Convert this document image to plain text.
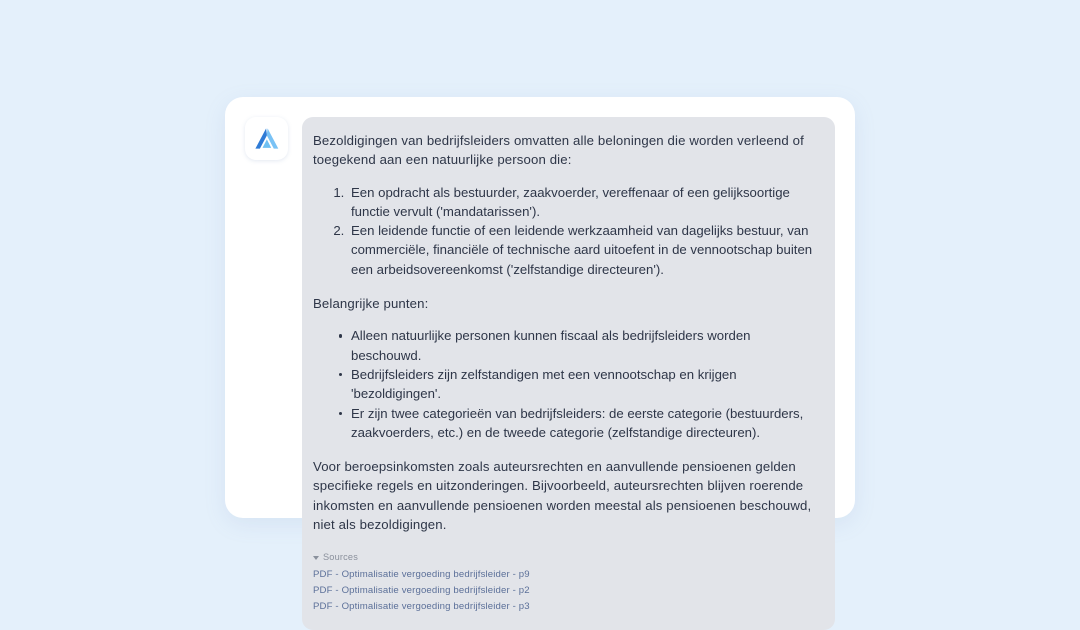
Bezoldigingen van bedrijfsleiders omvatten alle beloningen die worden verleend of toegekend aan een natuurlijke persoon die:

1. Een opdracht als bestuurder, zaakvoerder, vereffenaar of een gelijksoortige functie vervult ('mandatarissen').
2. Een leidende functie of een leidende werkzaamheid van dagelijks bestuur, van commerciële, financiële of technische aard uitoefent in de vennootschap buiten een arbeidsovereenkomst ('zelfstandige directeuren').

Belangrijke punten:

Alleen natuurlijke personen kunnen fiscaal als bedrijfsleiders worden beschouwd.
Bedrijfsleiders zijn zelfstandigen met een vennootschap en krijgen 'bezoldigingen'.
Er zijn twee categorieën van bedrijfsleiders: de eerste categorie (bestuurders, zaakvoerders, etc.) en de tweede categorie (zelfstandige directeuren).

Voor beroepsinkomsten zoals auteursrechten en aanvullende pensioenen gelden specifieke regels en uitzonderingen. Bijvoorbeeld, auteursrechten blijven roerende inkomsten en aanvullende pensioenen worden meestal als pensioenen beschouwd, niet als bezoldigingen.

Sources
PDF - Optimalisatie vergoeding bedrijfsleider - p9
PDF - Optimalisatie vergoeding bedrijfsleider - p2
PDF - Optimalisatie vergoeding bedrijfsleider - p3
